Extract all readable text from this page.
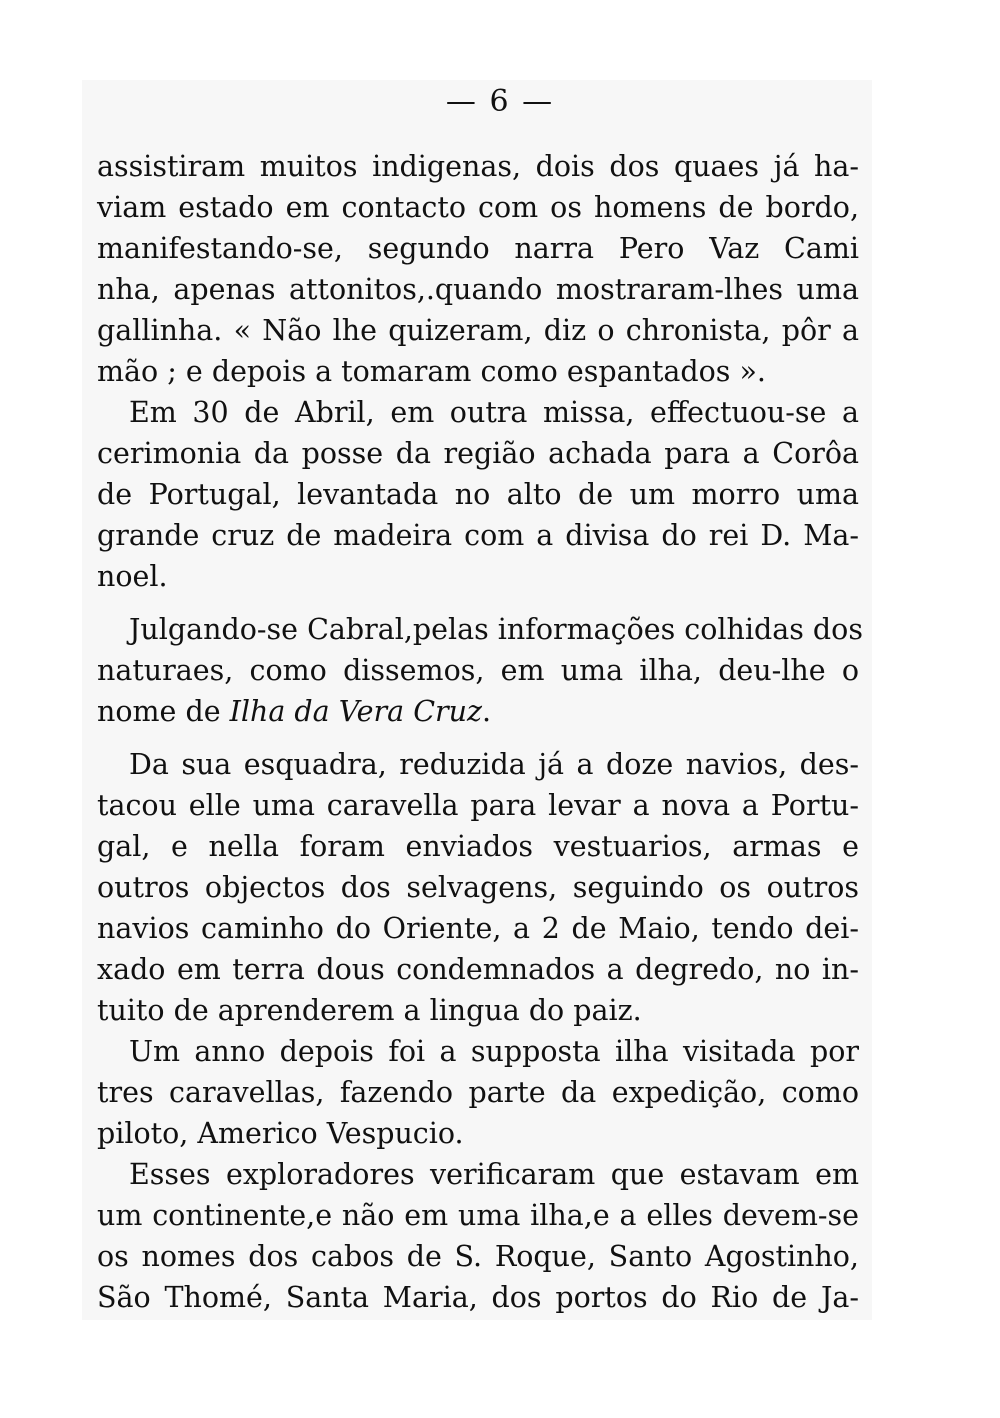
— 6 —
assistiram muitos indigenas, dois dos quaes já ha-
viam estado em contacto com os homens de bordo,
manifestando-se, segundo narra Pero Vaz Cami
nha, apenas attonitos,.quando mostraram-lhes uma
gallinha. « Não lhe quizeram, diz o chronista, pôr a
mão ; e depois a tomaram como espantados ».
Em 30 de Abril, em outra missa, effectuou-se a
cerimonia da posse da região achada para a Corôa
de Portugal, levantada no alto de um morro uma
grande cruz de madeira com a divisa do rei D. Ma-
noel.
Julgando-se Cabral,pelas informações colhidas dos
naturaes, como dissemos, em uma ilha, deu-lhe o
nome de Ilha da Vera Cruz.
Da sua esquadra, reduzida já a doze navios, des-
tacou elle uma caravella para levar a nova a Portu-
gal, e nella foram enviados vestuarios, armas e
outros objectos dos selvagens, seguindo os outros
navios caminho do Oriente, a 2 de Maio, tendo dei-
xado em terra dous condemnados a degredo, no in-
tuito de aprenderem a lingua do paiz.
Um anno depois foi a supposta ilha visitada por
tres caravellas, fazendo parte da expedição, como
piloto, Americo Vespucio.
Esses exploradores verificaram que estavam em
um continente,e não em uma ilha,e a elles devem-se
os nomes dos cabos de S. Roque, Santo Agostinho,
São Thomé, Santa Maria, dos portos do Rio de Ja-
